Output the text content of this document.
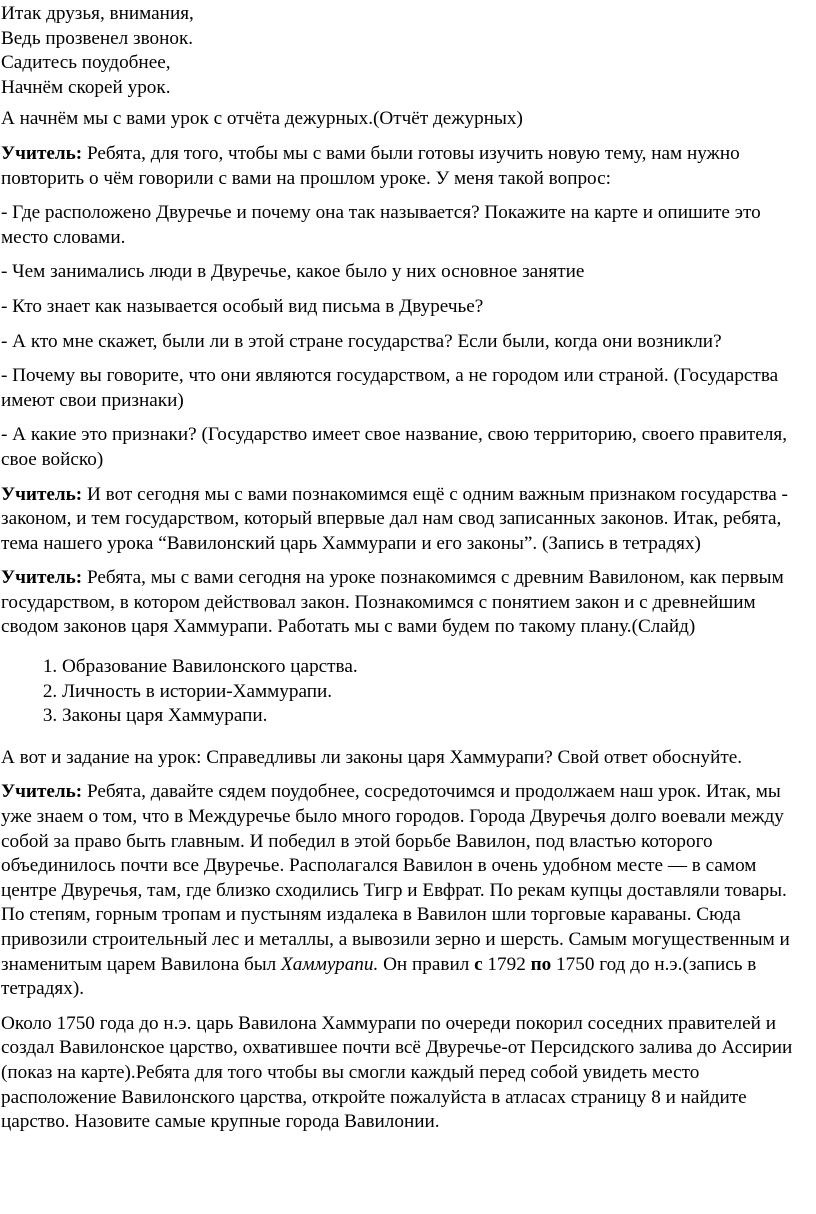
Итак друзья, внимания,
Ведь прозвенел звонок.
Садитесь поудобнее,
Начнём скорей урок.

А начнём мы с вами урок с отчёта дежурных.(Отчёт дежурных)

Учитель: Ребята, для того, чтобы мы с вами были готовы изучить новую тему, нам нужно повторить о чём говорили с вами на прошлом уроке. У меня такой вопрос:

- Где расположено Двуречье и почему она так называется? Покажите на карте и опишите это место словами.

- Чем занимались люди в Двуречье, какое было у них основное занятие

- Кто знает как называется особый вид письма в Двуречье?

- А кто мне скажет, были ли в этой стране государства? Если были, когда они возникли?

- Почему вы говорите, что они являются государством, а не городом или страной. (Государства имеют свои признаки)

- А какие это признаки? (Государство имеет свое название, свою территорию, своего правителя, свое войско)

Учитель: И вот сегодня мы с вами познакомимся ещё с одним важным признаком государства - законом, и тем государством, который впервые дал нам свод записанных законов. Итак, ребята, тема нашего урока “Вавилонский царь Хаммурапи и его законы”. (Запись в тетрадях)

Учитель: Ребята, мы с вами сегодня на уроке познакомимся с древним Вавилоном, как первым государством, в котором действовал закон. Познакомимся с понятием закон и с древнейшим сводом законов царя Хаммурапи. Работать мы с вами будем по такому плану.(Слайд)

1. Образование Вавилонского царства.
2. Личность в истории-Хаммурапи.
3. Законы царя Хаммурапи.

А вот и задание на урок: Справедливы ли законы царя Хаммурапи? Свой ответ обоснуйте.

Учитель: Ребята, давайте сядем поудобнее, сосредоточимся и продолжаем наш урок. Итак, мы уже знаем о том, что в Междуречье было много городов. Города Двуречья долго воевали между собой за право быть главным. И победил в этой борьбе Вавилон, под властью которого объединилось почти все Двуречье. Располагался Вавилон в очень удобном месте — в самом центре Двуречья, там, где близко сходились Тигр и Евфрат. По рекам купцы доставляли товары. По степям, горным тропам и пустыням издалека в Вавилон шли торговые караваны. Сюда привозили строительный лес и металлы, а вывозили зерно и шерсть. Самым могущественным и знаменитым царем Вавилона был Хаммурапи. Он правил с 1792 по 1750 год до н.э.(запись в тетрадях).

Около 1750 года до н.э. царь Вавилона Хаммурапи по очереди покорил соседних правителей и создал Вавилонское царство, охватившее почти всё Двуречье-от Персидского залива до Ассирии (показ на карте).Ребята для того чтобы вы смогли каждый перед собой увидеть место расположение Вавилонского царства, откройте пожалуйста в атласах страницу 8 и найдите царство. Назовите самые крупные города Вавилонии.
